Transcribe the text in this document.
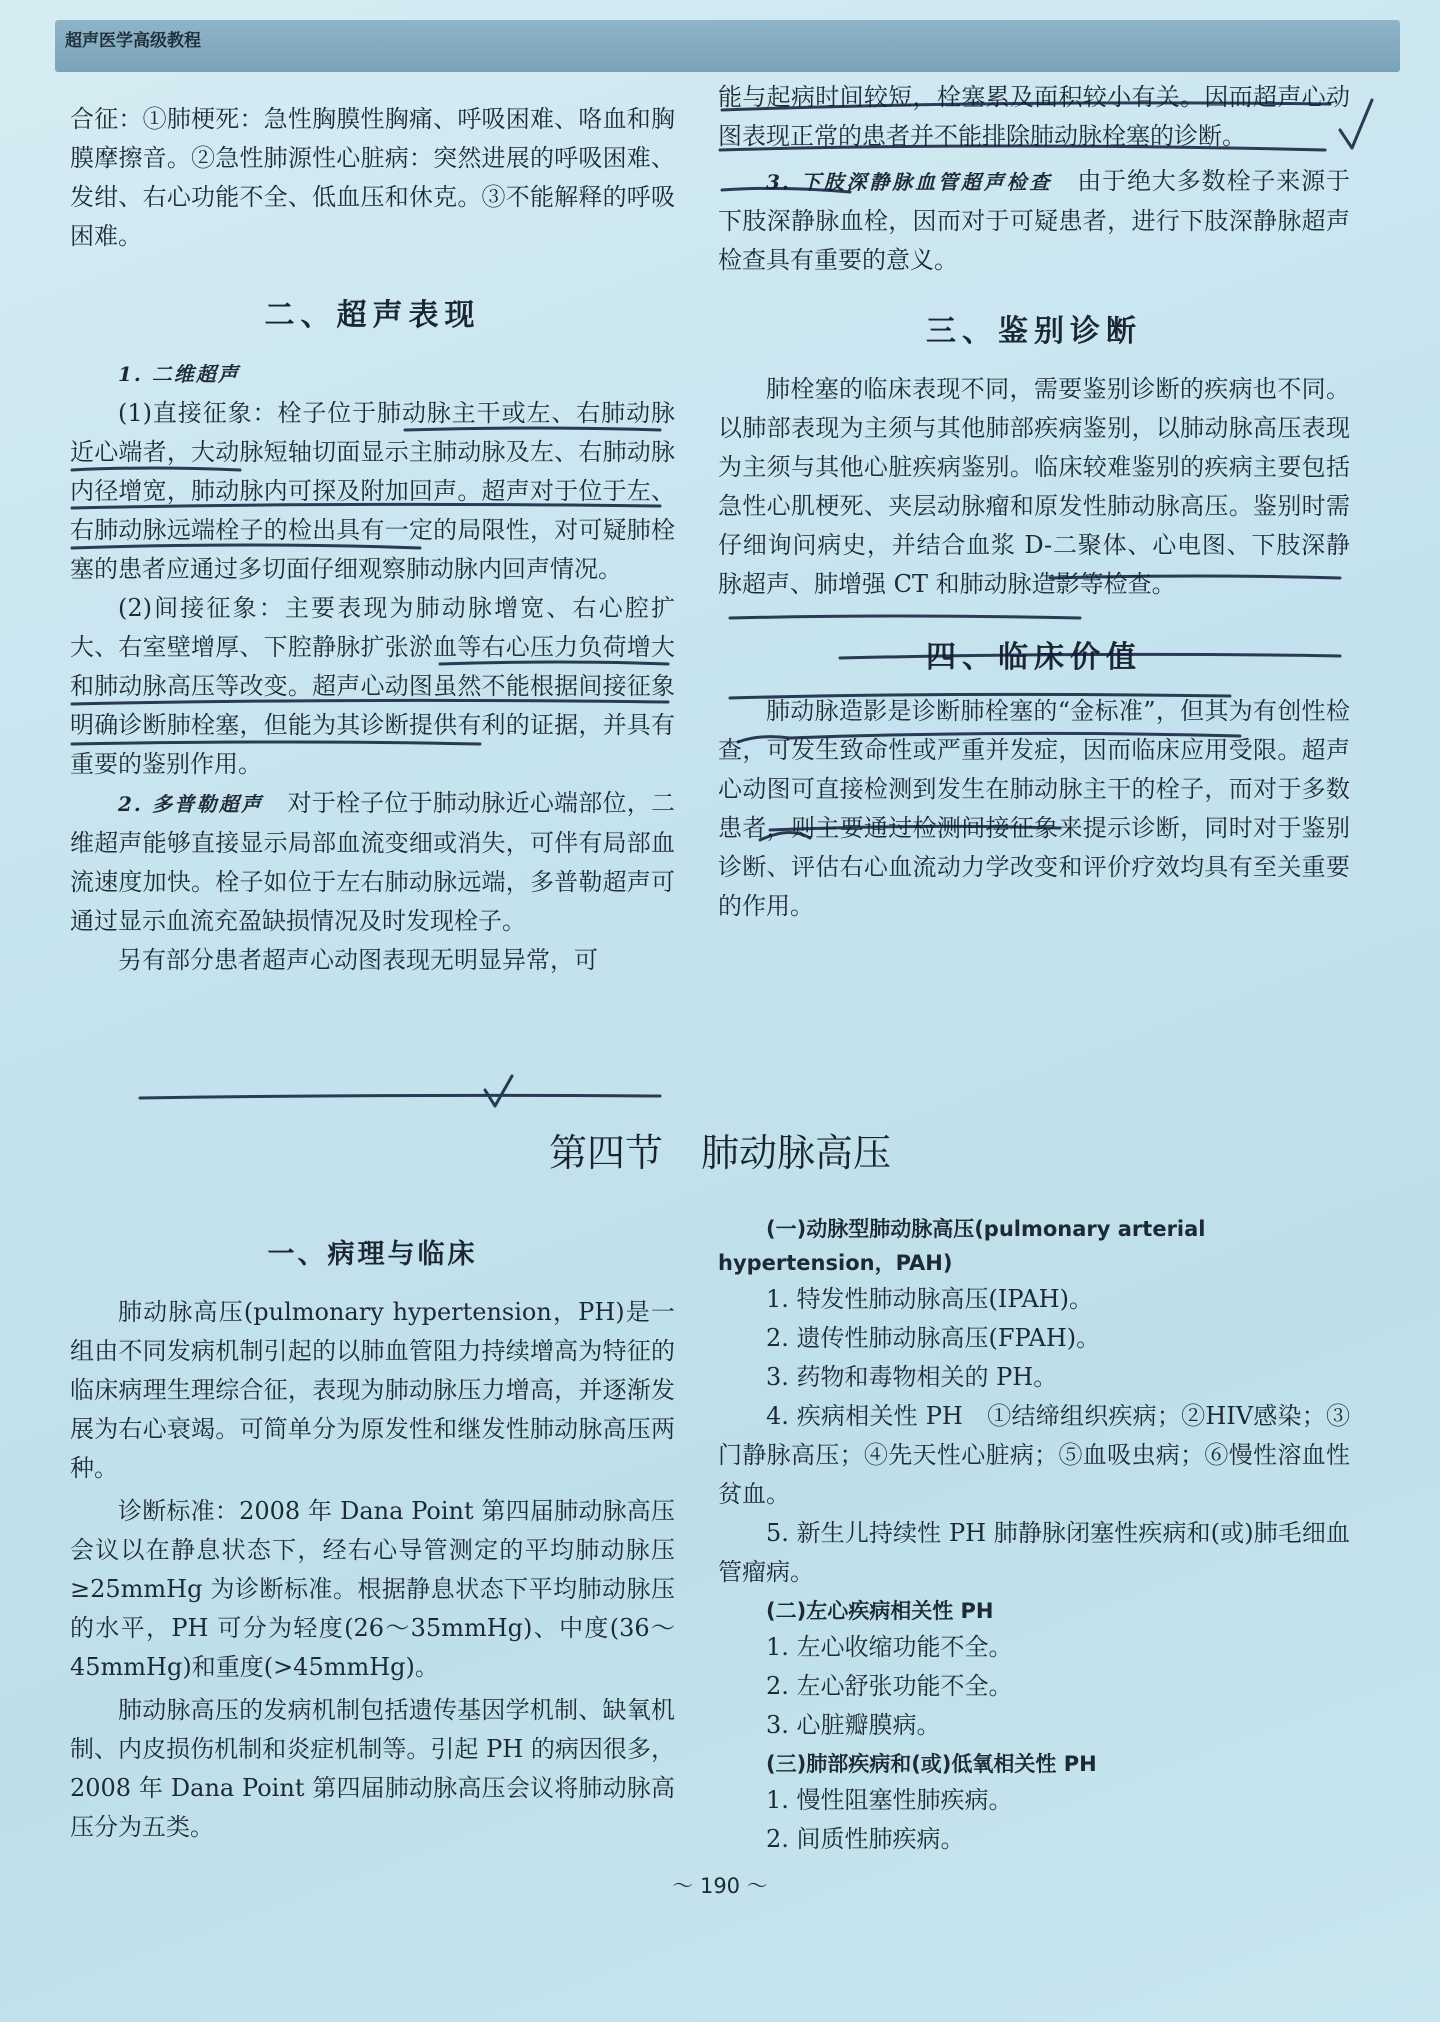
超声医学高级教程

合征：①肺梗死：急性胸膜性胸痛、呼吸困难、咯血和胸膜摩擦音。②急性肺源性心脏病：突然进展的呼吸困难、发绀、右心功能不全、低血压和休克。③不能解释的呼吸困难。

二、超声表现

1. 二维超声

(1)直接征象：栓子位于肺动脉主干或左、右肺动脉近心端者，大动脉短轴切面显示主肺动脉及左、右肺动脉内径增宽，肺动脉内可探及附加回声。超声对于位于左、右肺动脉远端栓子的检出具有一定的局限性，对可疑肺栓塞的患者应通过多切面仔细观察肺动脉内回声情况。

(2)间接征象：主要表现为肺动脉增宽、右心腔扩大、右室壁增厚、下腔静脉扩张淤血等右心压力负荷增大和肺动脉高压等改变。超声心动图虽然不能根据间接征象明确诊断肺栓塞，但能为其诊断提供有利的证据，并具有重要的鉴别作用。

2. 多普勒超声　 对于栓子位于肺动脉近心端部位，二维超声能够直接显示局部血流变细或消失，可伴有局部血流速度加快。栓子如位于左右肺动脉远端，多普勒超声可通过显示血流充盈缺损情况及时发现栓子。

另有部分患者超声心动图表现无明显异常，可

能与起病时间较短，栓塞累及面积较小有关。因而超声心动图表现正常的患者并不能排除肺动脉栓塞的诊断。

3. 下肢深静脉血管超声检查　 由于绝大多数栓子来源于下肢深静脉血栓，因而对于可疑患者，进行下肢深静脉超声检查具有重要的意义。

三、鉴别诊断

肺栓塞的临床表现不同，需要鉴别诊断的疾病也不同。以肺部表现为主须与其他肺部疾病鉴别，以肺动脉高压表现为主须与其他心脏疾病鉴别。临床较难鉴别的疾病主要包括急性心肌梗死、夹层动脉瘤和原发性肺动脉高压。鉴别时需仔细询问病史，并结合血浆 D-二聚体、心电图、下肢深静脉超声、肺增强 CT 和肺动脉造影等检查。

四、临床价值

肺动脉造影是诊断肺栓塞的“金标准”，但其为有创性检查，可发生致命性或严重并发症，因而临床应用受限。超声心动图可直接检测到发生在肺动脉主干的栓子，而对于多数患者，则主要通过检测间接征象来提示诊断，同时对于鉴别诊断、评估右心血流动力学改变和评价疗效均具有至关重要的作用。

第四节 肺动脉高压
一、病理与临床

肺动脉高压(pulmonary hypertension，PH)是一组由不同发病机制引起的以肺血管阻力持续增高为特征的临床病理生理综合征，表现为肺动脉压力增高，并逐渐发展为右心衰竭。可简单分为原发性和继发性肺动脉高压两种。

诊断标准：2008 年 Dana Point 第四届肺动脉高压会议以在静息状态下，经右心导管测定的平均肺动脉压≥25mmHg 为诊断标准。根据静息状态下平均肺动脉压的水平，PH 可分为轻度(26～35mmHg)、中度(36～45mmHg)和重度(>45mmHg)。

肺动脉高压的发病机制包括遗传基因学机制、缺氧机制、内皮损伤机制和炎症机制等。引起 PH 的病因很多，2008 年 Dana Point 第四届肺动脉高压会议将肺动脉高压分为五类。

(一)动脉型肺动脉高压(pulmonary arterial hypertension，PAH)

1. 特发性肺动脉高压(IPAH)。

2. 遗传性肺动脉高压(FPAH)。

3. 药物和毒物相关的 PH。

4. 疾病相关性 PH　①结缔组织疾病；②HIV感染；③门静脉高压；④先天性心脏病；⑤血吸虫病；⑥慢性溶血性贫血。

5. 新生儿持续性 PH 肺静脉闭塞性疾病和(或)肺毛细血管瘤病。

(二)左心疾病相关性 PH

1. 左心收缩功能不全。

2. 左心舒张功能不全。

3. 心脏瓣膜病。

(三)肺部疾病和(或)低氧相关性 PH

1. 慢性阻塞性肺疾病。

2. 间质性肺疾病。

～ 190 ～
